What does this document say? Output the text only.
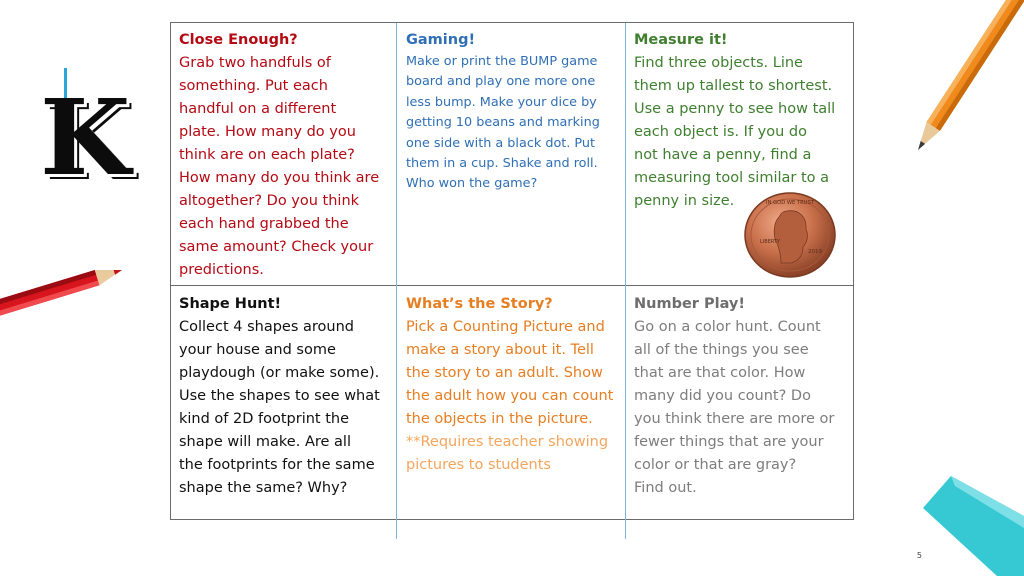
K
Close Enough?
Grab two handfuls of
something. Put each
handful on a different
plate. How many do you
think are on each plate?
How many do you think are
altogether? Do you think
each hand grabbed the
same amount? Check your
predictions.
Gaming!
Make or print the BUMP game
board and play one more one
less bump. Make your dice by
getting 10 beans and marking
one side with a black dot. Put
them in a cup. Shake and roll.
Who won the game?
Measure it!
Find three objects. Line
them up tallest to shortest.
Use a penny to see how tall
each object is. If you do
not have a penny, find a
measuring tool similar to a
penny in size.
Shape Hunt!
Collect 4 shapes around
your house and some
playdough (or make some).
Use the shapes to see what
kind of 2D footprint the
shape will make. Are all
the footprints for the same
shape the same? Why?
What’s the Story?
Pick a Counting Picture and
make a story about it. Tell
the story to an adult. Show
the adult how you can count
the objects in the picture.
**Requires teacher showing
pictures to students
Number Play!
Go on a color hunt. Count
all of the things you see
that are that color. How
many did you count? Do
you think there are more or
fewer things that are your
color or that are gray?
Find out.
IN GOD WE TRUST
LIBERTY
2019
5
